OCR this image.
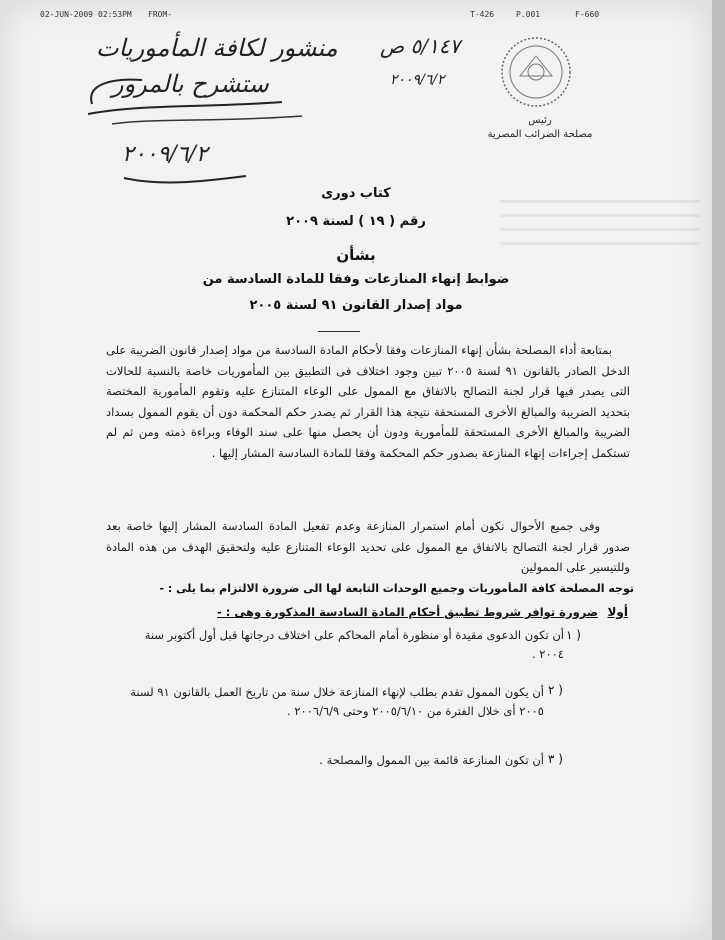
02-JUN-2009 02:53PM FROM-	T-426	P.001	F-660
٥/١٤٧ ص
٢٠٠٩/٦/٢
منشور لكافة المأموريات
ستشرح بالمرور
٢٠٠٩/٦/٢
رئيس
مصلحة الضرائب المصرية
كتاب دورى
رقم ( ١٩ ) لسنة ٢٠٠٩
بشأن
ضوابط إنهاء المنازعات وفقا للمادة السادسة من
مواد إصدار القانون ٩١ لسنة ٢٠٠٥
بمتابعة أداء المصلحة بشأن إنهاء المنازعات وفقا لأحكام المادة السادسة من مواد إصدار قانون الضريبة على الدخل الصادر بالقانون ٩١ لسنة ٢٠٠٥ تبين وجود اختلاف فى التطبيق بين المأموريات خاصة بالنسبة للحالات التى يصدر فيها قرار لجنة التصالح بالاتفاق مع الممول على الوعاء المتنازع عليه وتقوم المأمورية المختصة بتحديد الضريبة والمبالغ الأخرى المستحقة نتيجة هذا القرار ثم يصدر حكم المحكمة دون أن يقوم الممول بسداد الضريبة والمبالغ الأخرى المستحقة للمأمورية ودون أن يحصل منها على سند الوفاء وبراءة ذمته ومن ثم لم تستكمل إجراءات إنهاء المنازعة بصدور حكم المحكمة وفقا للمادة السادسة المشار إليها .
وفى جميع الأحوال نكون أمام استمرار المنازعة وعدم تفعيل المادة السادسة المشار إليها خاصة بعد صدور قرار لجنة التصالح بالاتفاق مع الممول على تحديد الوعاء المتنازع عليه ولتحقيق الهدف من هذه المادة وللتيسير على الممولين
توجه المصلحة كافة المأموريات وجميع الوحدات التابعة لها الى ضرورة الالتزام بما يلى : -
أولا
ضرورة توافر شروط تطبيق أحكام المادة السادسة المذكورة وهى : -
١ )
أن تكون الدعوى مقيدة أو منظورة أمام المحاكم على اختلاف درجاتها قبل أول أكتوبر سنة ٢٠٠٤ .
٢ )
أن يكون الممول تقدم بطلب لإنهاء المنازعة خلال سنة من تاريخ العمل بالقانون ٩١ لسنة ٢٠٠٥ أى خلال الفترة من ٢٠٠٥/٦/١٠ وحتى ٢٠٠٦/٦/٩ .
٣ )
أن تكون المنازعة قائمة بين الممول والمصلحة .
